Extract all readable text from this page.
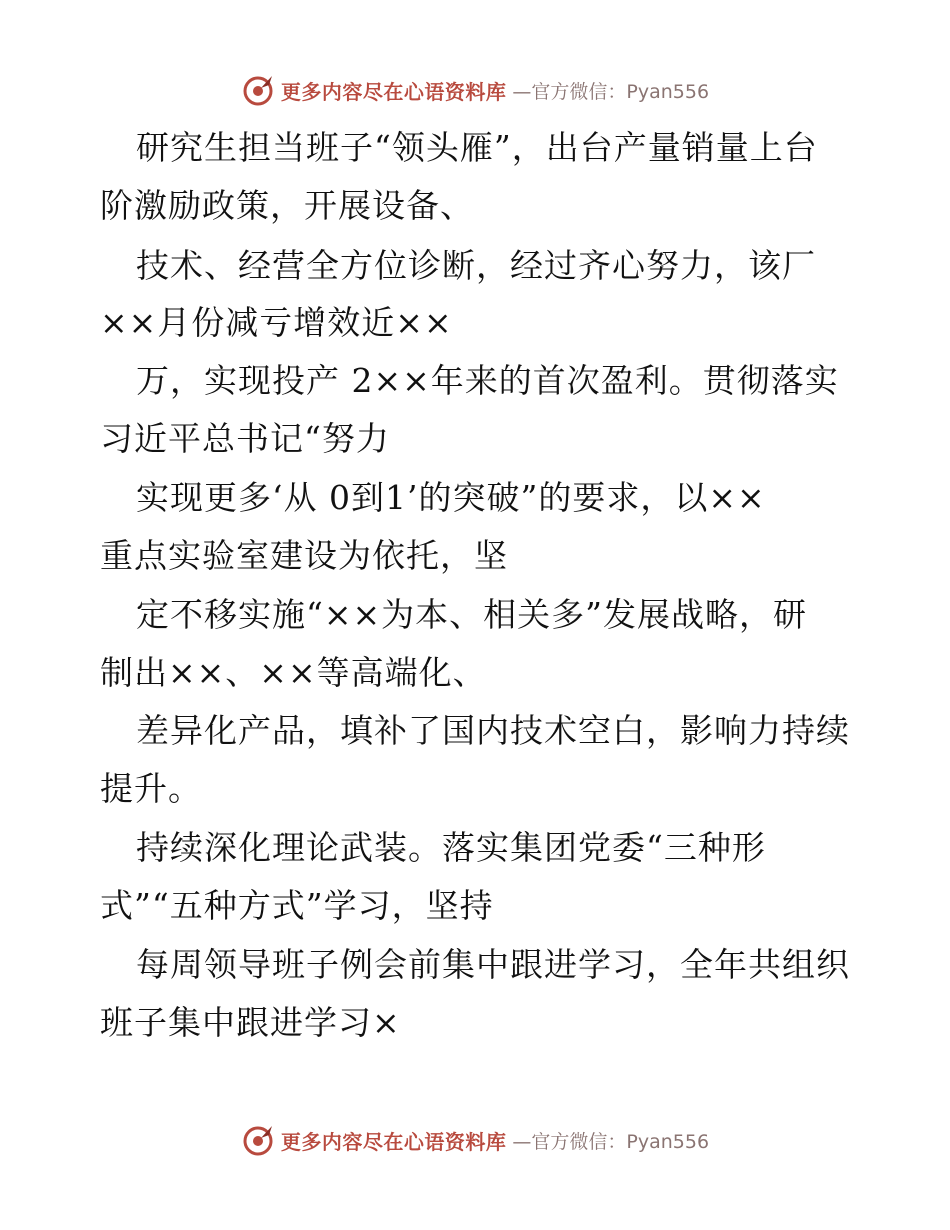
更多内容尽在心语资料库 —官方微信：Pyan556
研究生担当班子“领头雁”，出台产量销量上台
阶激励政策，开展设备、
技术、经营全方位诊断，经过齐心努力，该厂
××月份减亏增效近××
万，实现投产 2××年来的首次盈利。贯彻落实
习近平总书记“努力
实现更多‘从 0到1’的突破”的要求，以××
重点实验室建设为依托，坚
定不移实施“××为本、相关多”发展战略，研
制出××、××等高端化、
差异化产品，填补了国内技术空白，影响力持续
提升。
持续深化理论武装。落实集团党委“三种形
式”“五种方式”学习，坚持
每周领导班子例会前集中跟进学习，全年共组织
班子集中跟进学习×
更多内容尽在心语资料库 —官方微信：Pyan556
